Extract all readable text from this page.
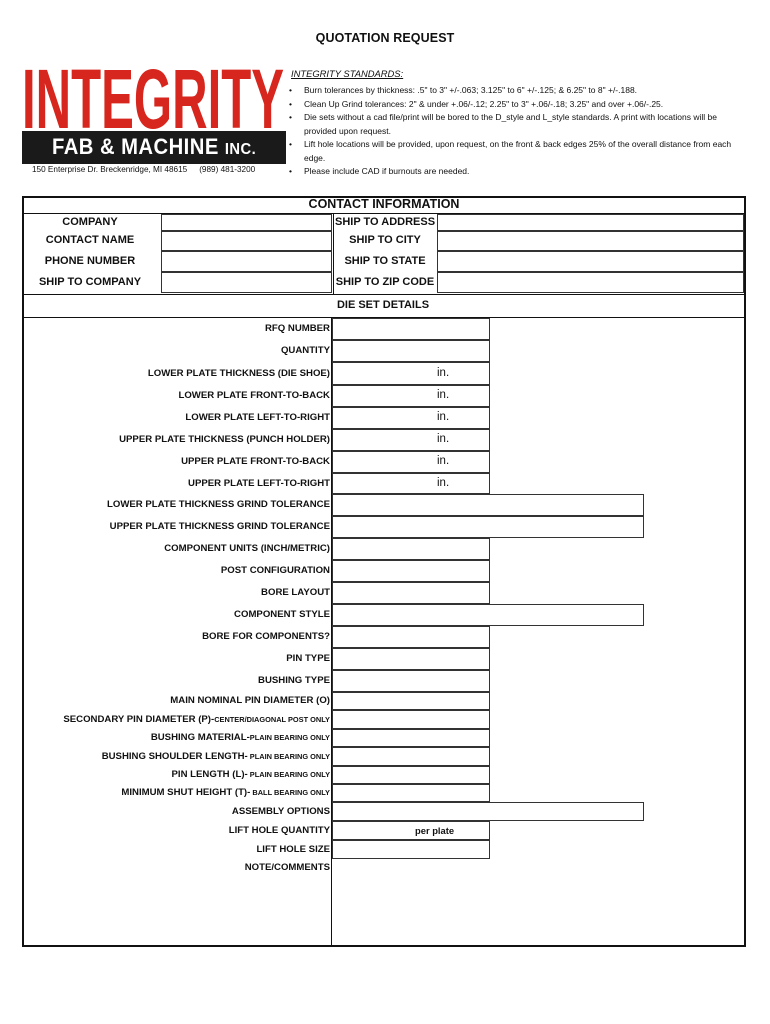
QUOTATION REQUEST
INTEGRITY
FAB & MACHINE INC.
150 Enterprise Dr. Breckenridge, MI 48615 (989) 481-3200
INTEGRITY STANDARDS:
• Burn tolerances by thickness: .5" to 3" +/-.063; 3.125" to 6" +/-.125; & 6.25" to 8" +/-.188.
• Clean Up Grind tolerances: 2" & under +.06/-.12; 2.25" to 3" +.06/-.18; 3.25" and over +.06/-.25.
• Die sets without a cad file/print will be bored to the D_style and L_style standards. A print with locations will be provided upon request.
• Lift hole locations will be provided, upon request, on the front & back edges 25% of the overall distance from each edge.
• Please include CAD if burnouts are needed.
CONTACT INFORMATION
COMPANY	SHIP TO ADDRESS
CONTACT NAME	SHIP TO CITY
PHONE NUMBER	SHIP TO STATE
SHIP TO COMPANY	SHIP TO ZIP CODE
DIE SET DETAILS
RFQ NUMBER
QUANTITY
LOWER PLATE THICKNESS (DIE SHOE)	in.
LOWER PLATE FRONT-TO-BACK	in.
LOWER PLATE LEFT-TO-RIGHT	in.
UPPER PLATE THICKNESS (PUNCH HOLDER)	in.
UPPER PLATE FRONT-TO-BACK	in.
UPPER PLATE LEFT-TO-RIGHT	in.
LOWER PLATE THICKNESS GRIND TOLERANCE
UPPER PLATE THICKNESS GRIND TOLERANCE
COMPONENT UNITS (INCH/METRIC)
POST CONFIGURATION
BORE LAYOUT
COMPONENT STYLE
BORE FOR COMPONENTS?
PIN TYPE
BUSHING TYPE
MAIN NOMINAL PIN DIAMETER (O)
SECONDARY PIN DIAMETER (P)-CENTER/DIAGONAL POST ONLY
BUSHING MATERIAL-PLAIN BEARING ONLY
BUSHING SHOULDER LENGTH- PLAIN BEARING ONLY
PIN LENGTH (L)- PLAIN BEARING ONLY
MINIMUM SHUT HEIGHT (T)- BALL BEARING ONLY
ASSEMBLY OPTIONS
LIFT HOLE QUANTITY	per plate
LIFT HOLE SIZE
NOTE/COMMENTS
